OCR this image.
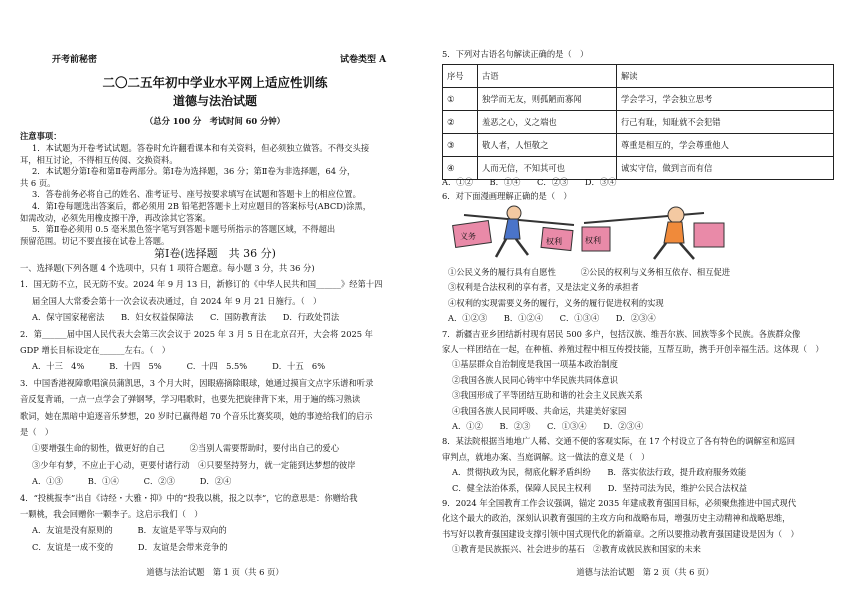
开考前秘密	试卷类型 A
二〇二五年初中学业水平网上适应性训练
道德与法治试题
（总分 100 分　考试时间 60 分钟）
注意事项：
1．本试题为开卷考试试题。答卷时允许翻看课本和有关资料，但必须独立做答。不得交头接
耳，相互讨论，不得相互传阅、交换资料。
2．本试题分第Ⅰ卷和第Ⅱ卷两部分。第Ⅰ卷为选择题，36 分；第Ⅱ卷为非选择题，64 分，
共 6 页。
3．答卷前务必将自己的姓名、准考证号、座号按要求填写在试题和答题卡上的相应位置。
4．第Ⅰ卷每题选出答案后，都必须用 2B 铅笔把答题卡上对应题目的答案标号(ABCD)涂黑，
如需改动，必须先用橡皮擦干净，再改涂其它答案。
5．第Ⅱ卷必须用 0.5 毫米黑色签字笔写到答题卡题号所指示的答题区域，不得超出
预留范围。切记不要直接在试卷上答题。
第Ⅰ卷(选择题　共 36 分)
一、选择题(下列各题 4 个选项中，只有 1 项符合题意。每小题 3 分，共 36 分)
1．国无防不立，民无防不安。2024 年 9 月 13 日，新修订的《中华人民共和国______》经第十四
届全国人大常委会第十一次会议表决通过，自 2024 年 9 月 21 日施行。（　）
A．保守国家秘密法　　B．妇女权益保障法　　C．国防教育法　　D．行政处罚法
2．第______届中国人民代表大会第三次会议于 2025 年 3 月 5 日在北京召开，大会将 2025 年
GDP 增长目标设定在______左右。（　）
A．十三　4%　　　B．十四　5%　　　C．十四　5.5%　　　D．十五　6%
3．中国香港视障歌唱演员蒲凯思，3 个月大时，因眼癌摘除眼球，她通过摸盲文点字乐谱和听录
音反复背诵，一点一点学会了弹钢琴，学习唱歌时，也要先把旋律背下来，用于遍的练习熟读
歌词，她在黑暗中追逐音乐梦想，20 岁时已赢得超 70 个音乐比赛奖项，她的事迹给我们的启示
是（　）
①要增强生命的韧性，做更好的自己　　　②当别人需要帮助时，要付出自己的爱心
③少年有梦，不应止于心动，更要付诸行动　④只要坚持努力，就一定能到达梦想的彼岸
A．①③　　　B．①④　　　C．②③　　　D．②④
4．“投桃报李”出自《诗经・大雅・抑》中的“投我以桃，报之以李”，它的意思是：你赠给我
一颗桃，我会回赠你一颗李子。这启示我们（　）
A．友谊是没有原则的　　　B．友谊是平等与双向的
C．友谊是一成不变的　　　D．友谊是会带来竞争的
道德与法治试题　第 1 页（共 6 页）
5．下列对古语名句解读正确的是（　）
序号	古语	解读
①	独学而无友，则孤陋而寡闻	学会学习，学会独立思考
②	羞恶之心，义之端也	行己有耻，知耻就不会犯错
③	敬人者，人恒敬之	尊重是相互的，学会尊重他人
④	人而无信，不知其可也	诚实守信，做到言而有信
A．①②　　B．①④　　C．②③　　D．③④
6．对下面漫画理解正确的是（　）
义务
权利	权利
①公民义务的履行具有自愿性　　　②公民的权利与义务相互依存、相互促进
③权利是合法权利的享有者，又是法定义务的承担者
④权利的实现需要义务的履行，义务的履行促进权利的实现
A．①②③　　B．①②④　　C．①③④　　D．②③④
7．新疆吉亚乡团结新村现有居民 500 多户，包括汉族、维吾尔族、回族等多个民族。各族群众像
家人一样团结在一起，在种植、养殖过程中相互传授技能，互帮互助，携手开创幸福生活。这体现（　）
①基层群众自治制度是我国一项基本政治制度
②我国各族人民同心铸牢中华民族共同体意识
③我国形成了平等团结互助和谐的社会主义民族关系
④我国各族人民同呼吸、共命运，共建美好家园
A．①②　　B．②③　　C．①③④　　D．②③④
8．某法院根据当地地广人稀、交通不便的客观实际，在 17 个村设立了各有特色的调解室和巡回
审判点，就地办案、当庭调解。这一做法的意义是（　）
A．贯彻执政为民，彻底化解矛盾纠纷　　B．落实依法行政，提升政府服务效能
C．健全法治体系，保障人民民主权利　　D．坚持司法为民，维护公民合法权益
9．2024 年全国教育工作会议强调，锚定 2035 年建成教育强国目标，必须聚焦推进中国式现代
化这个最大的政治，深刻认识教育强国的主攻方向和战略布局，增强历史主动精神和战略思维，
书写好以教育强国建设支撑引领中国式现代化的新篇章。之所以要推动教育强国建设是因为（　）
①教育是民族振兴、社会进步的基石　②教育成就民族和国家的未来
道德与法治试题　第 2 页（共 6 页）
